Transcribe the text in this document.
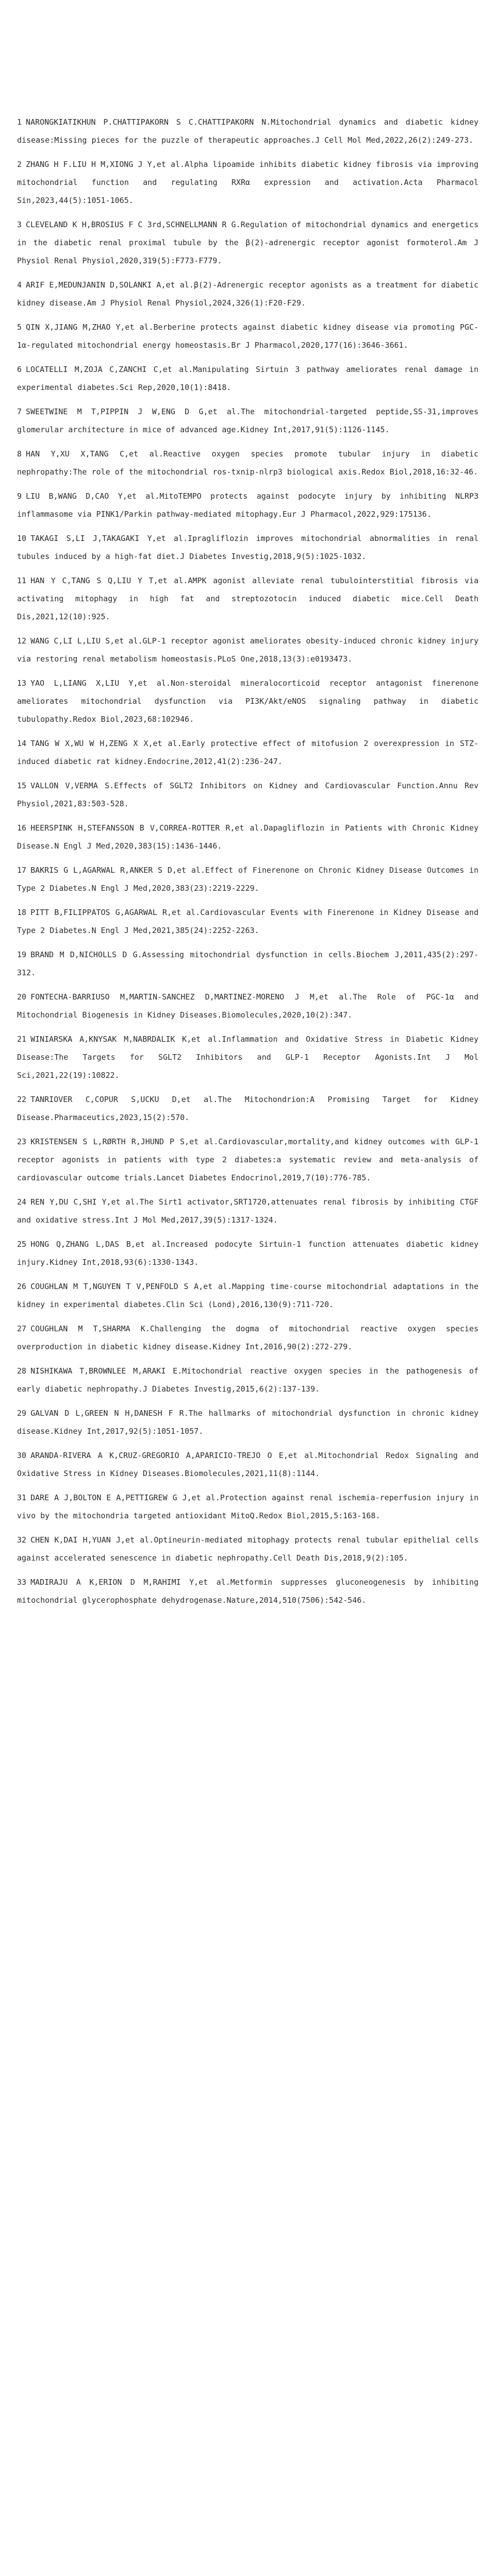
1 NARONGKIATIKHUN P.CHATTIPAKORN S C.CHATTIPAKORN N.Mitochondrial dynamics and diabetic kidney disease:Missing pieces for the puzzle of therapeutic approaches.J Cell Mol Med,2022,26(2):249-273.
2 ZHANG H F.LIU H M,XIONG J Y,et al.Alpha lipoamide inhibits diabetic kidney fibrosis via improving mitochondrial function and regulating RXRα expression and activation.Acta Pharmacol Sin,2023,44(5):1051-1065.
3 CLEVELAND K H,BROSIUS F C 3rd,SCHNELLMANN R G.Regulation of mitochondrial dynamics and energetics in the diabetic renal proximal tubule by the β(2)-adrenergic receptor agonist formoterol.Am J Physiol Renal Physiol,2020,319(5):F773-F779.
4 ARIF E,MEDUNJANIN D,SOLANKI A,et al.β(2)-Adrenergic receptor agonists as a treatment for diabetic kidney disease.Am J Physiol Renal Physiol,2024,326(1):F20-F29.
5 QIN X,JIANG M,ZHAO Y,et al.Berberine protects against diabetic kidney disease via promoting PGC-1α-regulated mitochondrial energy homeostasis.Br J Pharmacol,2020,177(16):3646-3661.
6 LOCATELLI M,ZOJA C,ZANCHI C,et al.Manipulating Sirtuin 3 pathway ameliorates renal damage in experimental diabetes.Sci Rep,2020,10(1):8418.
7 SWEETWINE M T,PIPPIN J W,ENG D G,et al.The mitochondrial-targeted peptide,SS-31,improves glomerular architecture in mice of advanced age.Kidney Int,2017,91(5):1126-1145.
8 HAN Y,XU X,TANG C,et al.Reactive oxygen species promote tubular injury in diabetic nephropathy:The role of the mitochondrial ros-txnip-nlrp3 biological axis.Redox Biol,2018,16:32-46.
9 LIU B,WANG D,CAO Y,et al.MitoTEMPO protects against podocyte injury by inhibiting NLRP3 inflammasome via PINK1/Parkin pathway-mediated mitophagy.Eur J Pharmacol,2022,929:175136.
10 TAKAGI S,LI J,TAKAGAKI Y,et al.Ipragliflozin improves mitochondrial abnormalities in renal tubules induced by a high-fat diet.J Diabetes Investig,2018,9(5):1025-1032.
11 HAN Y C,TANG S Q,LIU Y T,et al.AMPK agonist alleviate renal tubulointerstitial fibrosis via activating mitophagy in high fat and streptozotocin induced diabetic mice.Cell Death Dis,2021,12(10):925.
12 WANG C,LI L,LIU S,et al.GLP-1 receptor agonist ameliorates obesity-induced chronic kidney injury via restoring renal metabolism homeostasis.PLoS One,2018,13(3):e0193473.
13 YAO L,LIANG X,LIU Y,et al.Non-steroidal mineralocorticoid receptor antagonist finerenone ameliorates mitochondrial dysfunction via PI3K/Akt/eNOS signaling pathway in diabetic tubulopathy.Redox Biol,2023,68:102946.
14 TANG W X,WU W H,ZENG X X,et al.Early protective effect of mitofusion 2 overexpression in STZ-induced diabetic rat kidney.Endocrine,2012,41(2):236-247.
15 VALLON V,VERMA S.Effects of SGLT2 Inhibitors on Kidney and Cardiovascular Function.Annu Rev Physiol,2021,83:503-528.
16 HEERSPINK H,STEFANSSON B V,CORREA-ROTTER R,et al.Dapagliflozin in Patients with Chronic Kidney Disease.N Engl J Med,2020,383(15):1436-1446.
17 BAKRIS G L,AGARWAL R,ANKER S D,et al.Effect of Finerenone on Chronic Kidney Disease Outcomes in Type 2 Diabetes.N Engl J Med,2020,383(23):2219-2229.
18 PITT B,FILIPPATOS G,AGARWAL R,et al.Cardiovascular Events with Finerenone in Kidney Disease and Type 2 Diabetes.N Engl J Med,2021,385(24):2252-2263.
19 BRAND M D,NICHOLLS D G.Assessing mitochondrial dysfunction in cells.Biochem J,2011,435(2):297-312.
20 FONTECHA-BARRIUSO M,MARTIN-SANCHEZ D,MARTINEZ-MORENO J M,et al.The Role of PGC-1α and Mitochondrial Biogenesis in Kidney Diseases.Biomolecules,2020,10(2):347.
21 WINIARSKA A,KNYSAK M,NABRDALIK K,et al.Inflammation and Oxidative Stress in Diabetic Kidney Disease:The Targets for SGLT2 Inhibitors and GLP-1 Receptor Agonists.Int J Mol Sci,2021,22(19):10822.
22 TANRIOVER C,COPUR S,UCKU D,et al.The Mitochondrion:A Promising Target for Kidney Disease.Pharmaceutics,2023,15(2):570.
23 KRISTENSEN S L,RØRTH R,JHUND P S,et al.Cardiovascular,mortality,and kidney outcomes with GLP-1 receptor agonists in patients with type 2 diabetes:a systematic review and meta-analysis of cardiovascular outcome trials.Lancet Diabetes Endocrinol,2019,7(10):776-785.
24 REN Y,DU C,SHI Y,et al.The Sirt1 activator,SRT1720,attenuates renal fibrosis by inhibiting CTGF and oxidative stress.Int J Mol Med,2017,39(5):1317-1324.
25 HONG Q,ZHANG L,DAS B,et al.Increased podocyte Sirtuin-1 function attenuates diabetic kidney injury.Kidney Int,2018,93(6):1330-1343.
26 COUGHLAN M T,NGUYEN T V,PENFOLD S A,et al.Mapping time-course mitochondrial adaptations in the kidney in experimental diabetes.Clin Sci (Lond),2016,130(9):711-720.
27 COUGHLAN M T,SHARMA K.Challenging the dogma of mitochondrial reactive oxygen species overproduction in diabetic kidney disease.Kidney Int,2016,90(2):272-279.
28 NISHIKAWA T,BROWNLEE M,ARAKI E.Mitochondrial reactive oxygen species in the pathogenesis of early diabetic nephropathy.J Diabetes Investig,2015,6(2):137-139.
29 GALVAN D L,GREEN N H,DANESH F R.The hallmarks of mitochondrial dysfunction in chronic kidney disease.Kidney Int,2017,92(5):1051-1057.
30 ARANDA-RIVERA A K,CRUZ-GREGORIO A,APARICIO-TREJO O E,et al.Mitochondrial Redox Signaling and Oxidative Stress in Kidney Diseases.Biomolecules,2021,11(8):1144.
31 DARE A J,BOLTON E A,PETTIGREW G J,et al.Protection against renal ischemia-reperfusion injury in vivo by the mitochondria targeted antioxidant MitoQ.Redox Biol,2015,5:163-168.
32 CHEN K,DAI H,YUAN J,et al.Optineurin-mediated mitophagy protects renal tubular epithelial cells against accelerated senescence in diabetic nephropathy.Cell Death Dis,2018,9(2):105.
33 MADIRAJU A K,ERION D M,RAHIMI Y,et al.Metformin suppresses gluconeogenesis by inhibiting mitochondrial glycerophosphate dehydrogenase.Nature,2014,510(7506):542-546.
